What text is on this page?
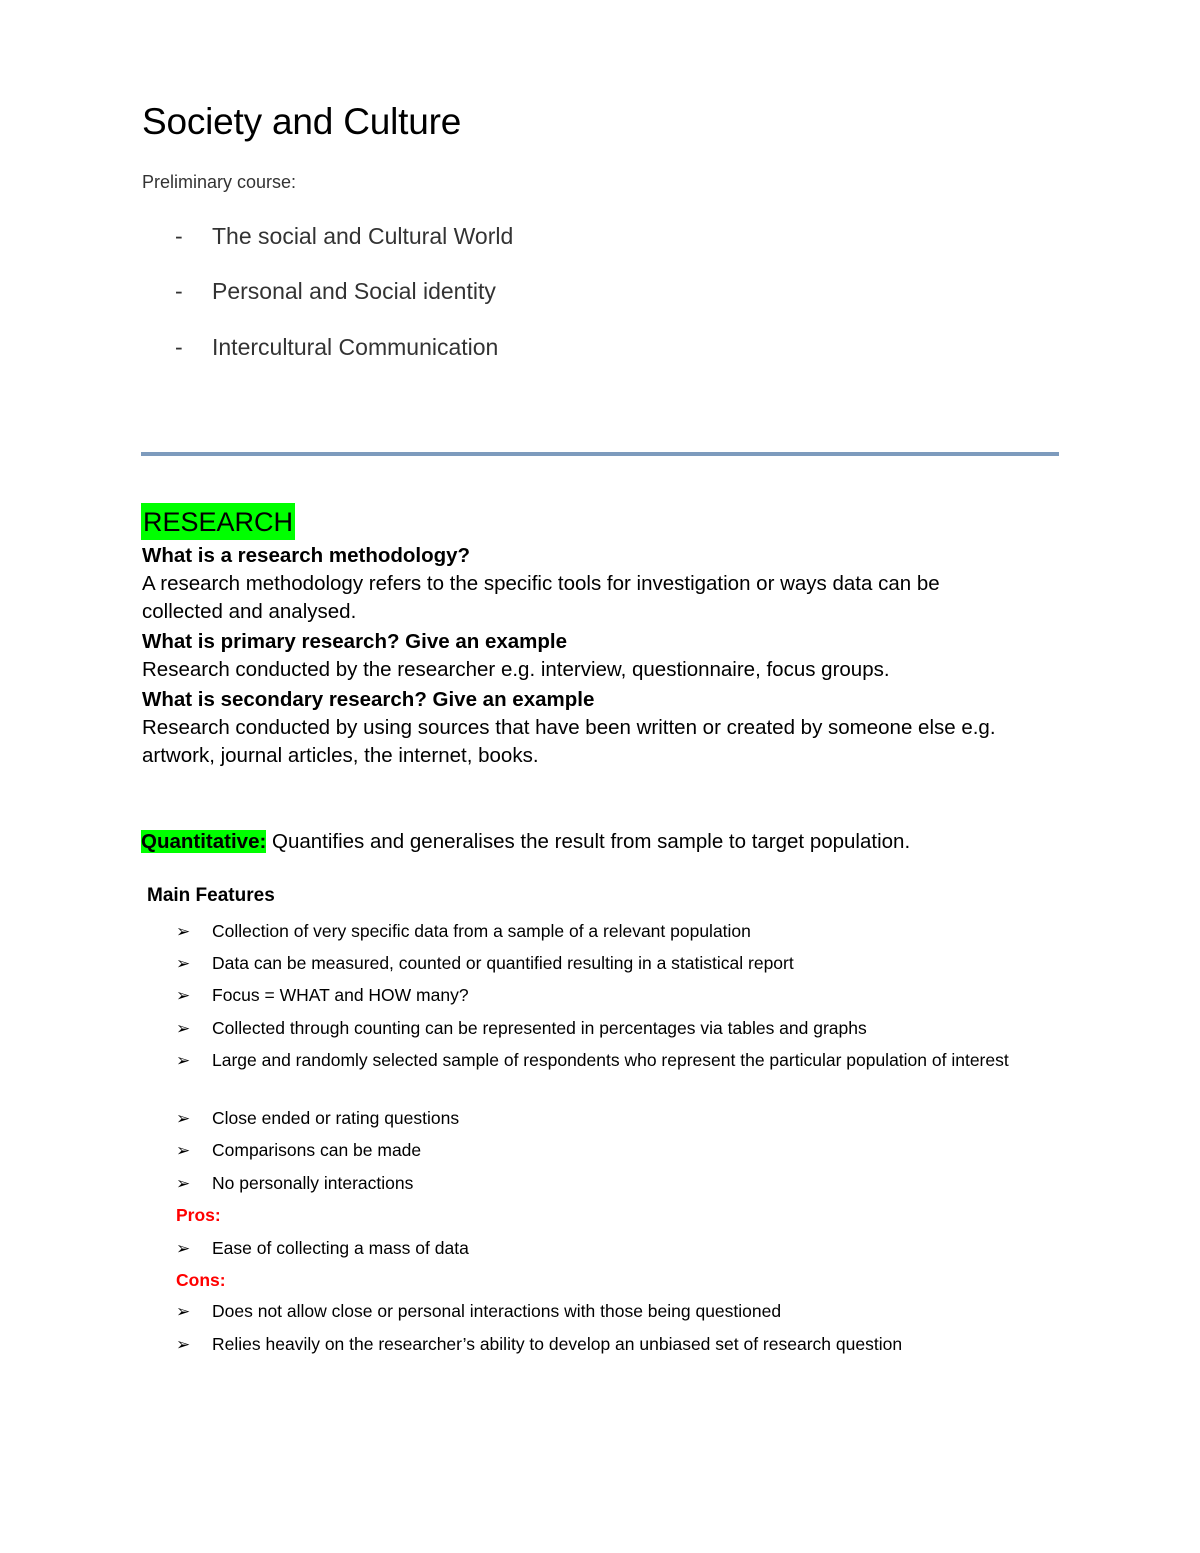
Society and Culture
Preliminary course:
- The social and Cultural World
- Personal and Social identity
- Intercultural Communication
RESEARCH
What is a research methodology?
A research methodology refers to the specific tools for investigation or ways data can be
collected and analysed.
What is primary research? Give an example
Research conducted by the researcher e.g. interview, questionnaire, focus groups.
What is secondary research? Give an example
Research conducted by using sources that have been written or created by someone else e.g.
artwork, journal articles, the internet, books.
Quantitative: Quantifies and generalises the result from sample to target population.
Main Features
➢	Collection of very specific data from a sample of a relevant population
➢	Data can be measured, counted or quantified resulting in a statistical report
➢	Focus = WHAT and HOW many?
➢	Collected through counting can be represented in percentages via tables and graphs
➢	Large and randomly selected sample of respondents who represent the particular population of interest
➢	Close ended or rating questions
➢	Comparisons can be made
➢	No personally interactions
Pros:
➢	Ease of collecting a mass of data
Cons:
➢	Does not allow close or personal interactions with those being questioned
➢	Relies heavily on the researcher’s ability to develop an unbiased set of research question
